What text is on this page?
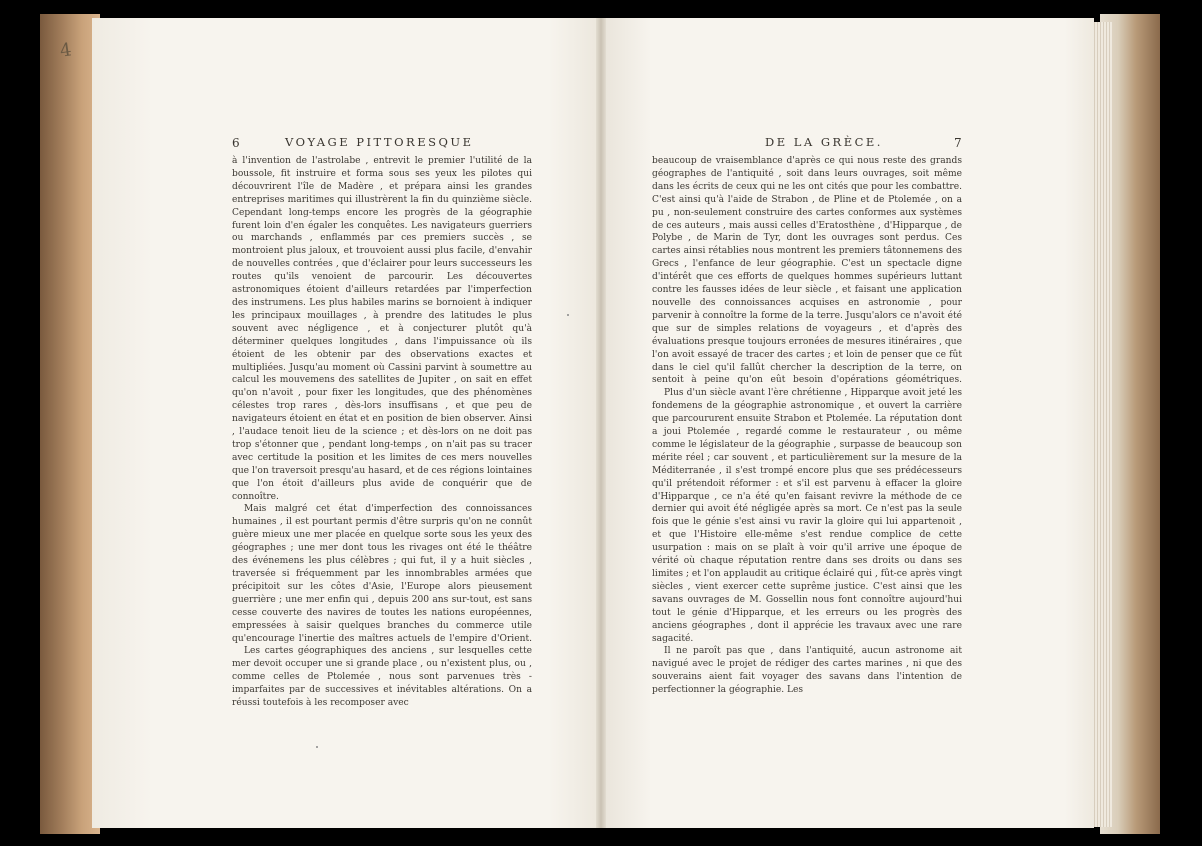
4
6	VOYAGE PITTORESQUE

à l'invention de l'astrolabe , entrevit le premier l'utilité de la boussole, fit instruire et forma sous ses yeux les pilotes qui découvrirent l'île de Madère , et prépara ainsi les grandes entreprises maritimes qui illustrèrent la fin du quinzième siècle. Cependant long-temps encore les progrès de la géographie furent loin d'en égaler les conquêtes. Les navigateurs guerriers ou marchands , enflammés par ces premiers succès , se montroient plus jaloux, et trouvoient aussi plus facile, d'envahir de nouvelles contrées , que d'éclairer pour leurs successeurs les routes qu'ils venoient de parcourir. Les découvertes astronomiques étoient d'ailleurs retardées par l'imperfection des instrumens. Les plus habiles marins se bornoient à indiquer les principaux mouillages , à prendre des latitudes le plus souvent avec négligence , et à conjecturer plutôt qu'à déterminer quelques longitudes , dans l'impuissance où ils étoient de les obtenir par des observations exactes et multipliées. Jusqu'au moment où Cassini parvint à soumettre au calcul les mouvemens des satellites de Jupiter , on sait en effet qu'on n'avoit , pour fixer les longitudes, que des phénomènes célestes trop rares , dès-lors insuffisans , et que peu de navigateurs étoient en état et en position de bien observer. Ainsi , l'audace tenoit lieu de la science ; et dès-lors on ne doit pas trop s'étonner que , pendant long-temps , on n'ait pas su tracer avec certitude la position et les limites de ces mers nouvelles que l'on traversoit presqu'au hasard, et de ces régions lointaines que l'on étoit d'ailleurs plus avide de conquérir que de connoître.

Mais malgré cet état d'imperfection des connoissances humaines , il est pourtant permis d'être surpris qu'on ne connût guère mieux une mer placée en quelque sorte sous les yeux des géographes ; une mer dont tous les rivages ont été le théâtre des événemens les plus célèbres ; qui fut, il y a huit siècles , traversée si fréquemment par les innombrables armées que précipitoit sur les côtes d'Asie, l'Europe alors pieusement guerrière ; une mer enfin qui , depuis 200 ans sur-tout, est sans cesse couverte des navires de toutes les nations européennes, empressées à saisir quelques branches du commerce utile qu'encourage l'inertie des maîtres actuels de l'empire d'Orient.

Les cartes géographiques des anciens , sur lesquelles cette mer devoit occuper une si grande place , ou n'existent plus, ou , comme celles de Ptolemée , nous sont parvenues très - imparfaites par de successives et inévitables altérations. On a réussi toutefois à les recomposer avec

DE LA GRÈCE.	7

beaucoup de vraisemblance d'après ce qui nous reste des grands géographes de l'antiquité , soit dans leurs ouvrages, soit même dans les écrits de ceux qui ne les ont cités que pour les combattre. C'est ainsi qu'à l'aide de Strabon , de Pline et de Ptolemée , on a pu , non-seulement construire des cartes conformes aux systèmes de ces auteurs , mais aussi celles d'Eratosthène , d'Hipparque , de Polybe , de Marin de Tyr, dont les ouvrages sont perdus. Ces cartes ainsi rétablies nous montrent les premiers tâtonnemens des Grecs , l'enfance de leur géographie. C'est un spectacle digne d'intérêt que ces efforts de quelques hommes supérieurs luttant contre les fausses idées de leur siècle , et faisant une application nouvelle des connoissances acquises en astronomie , pour parvenir à connoître la forme de la terre. Jusqu'alors ce n'avoit été que sur de simples relations de voyageurs , et d'après des évaluations presque toujours erronées de mesures itinéraires , que l'on avoit essayé de tracer des cartes ; et loin de penser que ce fût dans le ciel qu'il fallût chercher la description de la terre, on sentoit à peine qu'on eût besoin d'opérations géométriques.

Plus d'un siècle avant l'ère chrétienne , Hipparque avoit jeté les fondemens de la géographie astronomique , et ouvert la carrière que parcoururent ensuite Strabon et Ptolemée. La réputation dont a joui Ptolemée , regardé comme le restaurateur , ou même comme le législateur de la géographie , surpasse de beaucoup son mérite réel ; car souvent , et particulièrement sur la mesure de la Méditerranée , il s'est trompé encore plus que ses prédécesseurs qu'il prétendoit réformer : et s'il est parvenu à effacer la gloire d'Hipparque , ce n'a été qu'en faisant revivre la méthode de ce dernier qui avoit été négligée après sa mort. Ce n'est pas la seule fois que le génie s'est ainsi vu ravir la gloire qui lui appartenoit , et que l'Histoire elle-même s'est rendue complice de cette usurpation : mais on se plaît à voir qu'il arrive une époque de vérité où chaque réputation rentre dans ses droits ou dans ses limites ; et l'on applaudit au critique éclairé qui , fût-ce après vingt siècles , vient exercer cette suprême justice. C'est ainsi que les savans ouvrages de M. Gossellin nous font connoître aujourd'hui tout le génie d'Hipparque, et les erreurs ou les progrès des anciens géographes , dont il apprécie les travaux avec une rare sagacité.

Il ne paroît pas que , dans l'antiquité, aucun astronome ait navigué avec le projet de rédiger des cartes marines , ni que des souverains aient fait voyager des savans dans l'intention de perfectionner la géographie. Les
